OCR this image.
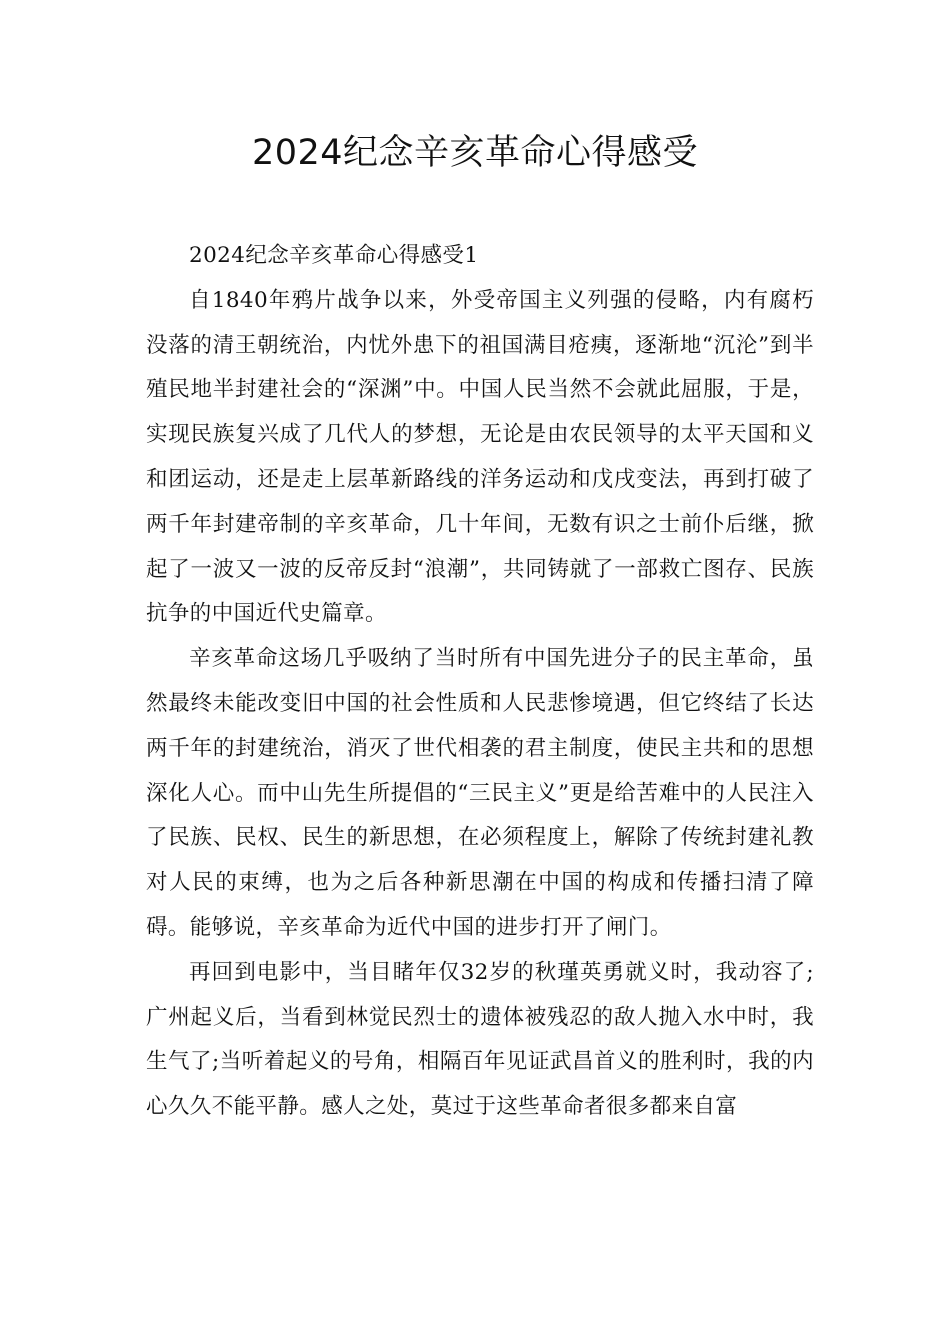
2024纪念辛亥革命心得感受

2024纪念辛亥革命心得感受1

自1840年鸦片战争以来，外受帝国主义列强的侵略，内有腐朽没落的清王朝统治，内忧外患下的祖国满目疮痍，逐渐地“沉沦”到半殖民地半封建社会的“深渊”中。中国人民当然不会就此屈服，于是，实现民族复兴成了几代人的梦想，无论是由农民领导的太平天国和义和团运动，还是走上层革新路线的洋务运动和戊戌变法，再到打破了两千年封建帝制的辛亥革命，几十年间，无数有识之士前仆后继，掀起了一波又一波的反帝反封“浪潮”，共同铸就了一部救亡图存、民族抗争的中国近代史篇章。

辛亥革命这场几乎吸纳了当时所有中国先进分子的民主革命，虽然最终未能改变旧中国的社会性质和人民悲惨境遇，但它终结了长达两千年的封建统治，消灭了世代相袭的君主制度，使民主共和的思想深化人心。而中山先生所提倡的“三民主义”更是给苦难中的人民注入了民族、民权、民生的新思想，在必须程度上，解除了传统封建礼教对人民的束缚，也为之后各种新思潮在中国的构成和传播扫清了障碍。能够说，辛亥革命为近代中国的进步打开了闸门。

再回到电影中，当目睹年仅32岁的秋瑾英勇就义时，我动容了;广州起义后，当看到林觉民烈士的遗体被残忍的敌人抛入水中时，我生气了;当听着起义的号角，相隔百年见证武昌首义的胜利时，我的内心久久不能平静。感人之处，莫过于这些革命者很多都来自富
